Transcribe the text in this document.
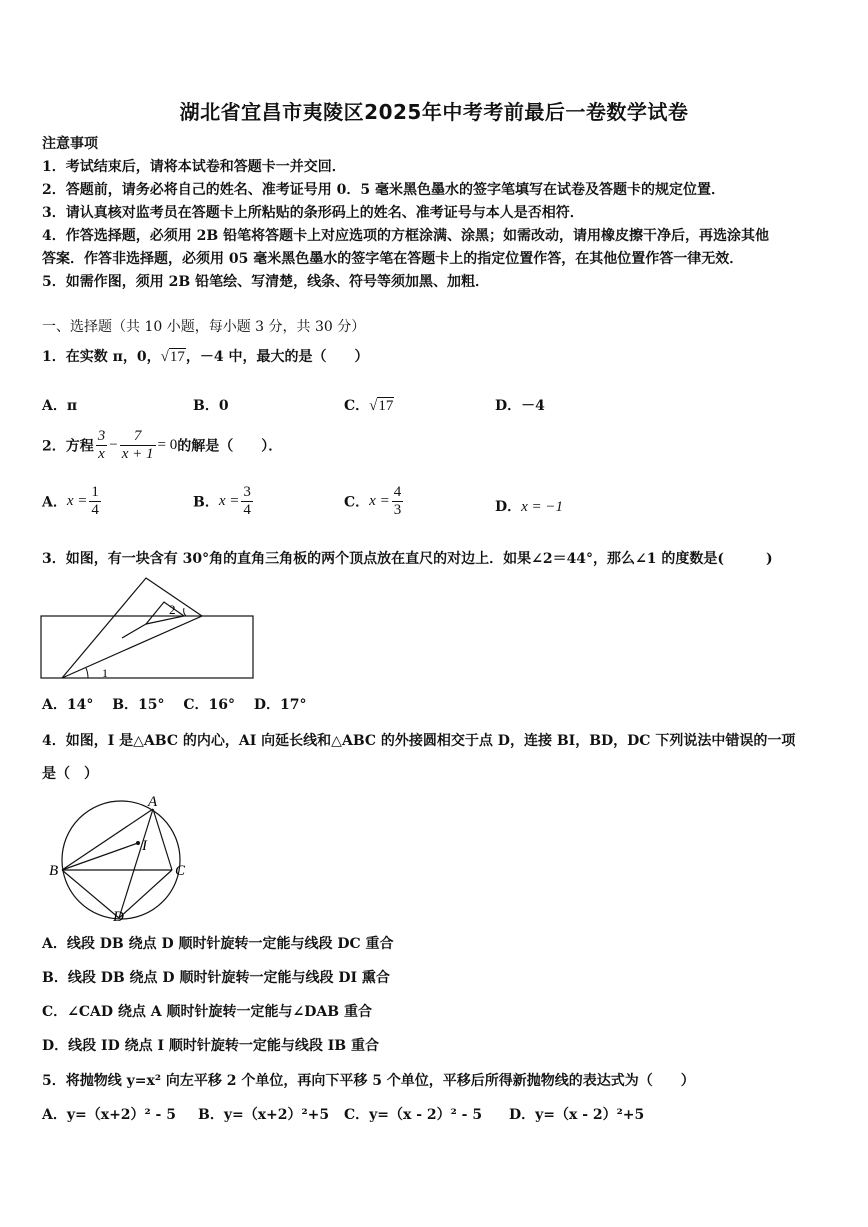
湖北省宜昌市夷陵区2025年中考考前最后一卷数学试卷
注意事项
1．考试结束后，请将本试卷和答题卡一并交回．
2．答题前，请务必将自己的姓名、准考证号用 0．5 毫米黑色墨水的签字笔填写在试卷及答题卡的规定位置．
3．请认真核对监考员在答题卡上所粘贴的条形码上的姓名、准考证号与本人是否相符．
4．作答选择题，必须用 2B 铅笔将答题卡上对应选项的方框涂满、涂黑；如需改动，请用橡皮擦干净后，再选涂其他
答案．作答非选择题，必须用 05 毫米黑色墨水的签字笔在答题卡上的指定位置作答，在其他位置作答一律无效．
5．如需作图，须用 2B 铅笔绘、写清楚，线条、符号等须加黑、加粗．
一、选择题（共 10 小题，每小题 3 分，共 30 分）
1．在实数 π，0，√17，－4 中，最大的是（　　）
A．π	B．0	C．√17	D．－4
2．方程 $\frac{3}{x} - \frac{7}{x + 1} = 0$的解是（　　）．
A．$x = \frac{1}{4}$	B．$x = \frac{3}{4}$	C．$x = \frac{4}{3}$	D．x = −1
3．如图，有一块含有 30°角的直角三角板的两个顶点放在直尺的对边上．如果∠2＝44°，那么∠1 的度数是(　　　)
2
1
A．14°　 B．15°　 C．16°　 D．17°
4．如图，I 是△ABC 的内心，AI 向延长线和△ABC 的外接圆相交于点 D，连接 BI，BD，DC 下列说法中错误的一项
是（　）
A
I
B	C
D
A．线段 DB 绕点 D 顺时针旋转一定能与线段 DC 重合
B．线段 DB 绕点 D 顺时针旋转一定能与线段 DI 熏合
C．∠CAD 绕点 A 顺时针旋转一定能与∠DAB 重合
D．线段 ID 绕点 I 顺时针旋转一定能与线段 IB 重合
5．将抛物线 y=x² 向左平移 2 个单位，再向下平移 5 个单位，平移后所得新抛物线的表达式为（　　）
A．y=（x+2）² - 5 B．y=（x+2）²+5 C．y=（x - 2）² - 5 D．y=（x - 2）²+5
